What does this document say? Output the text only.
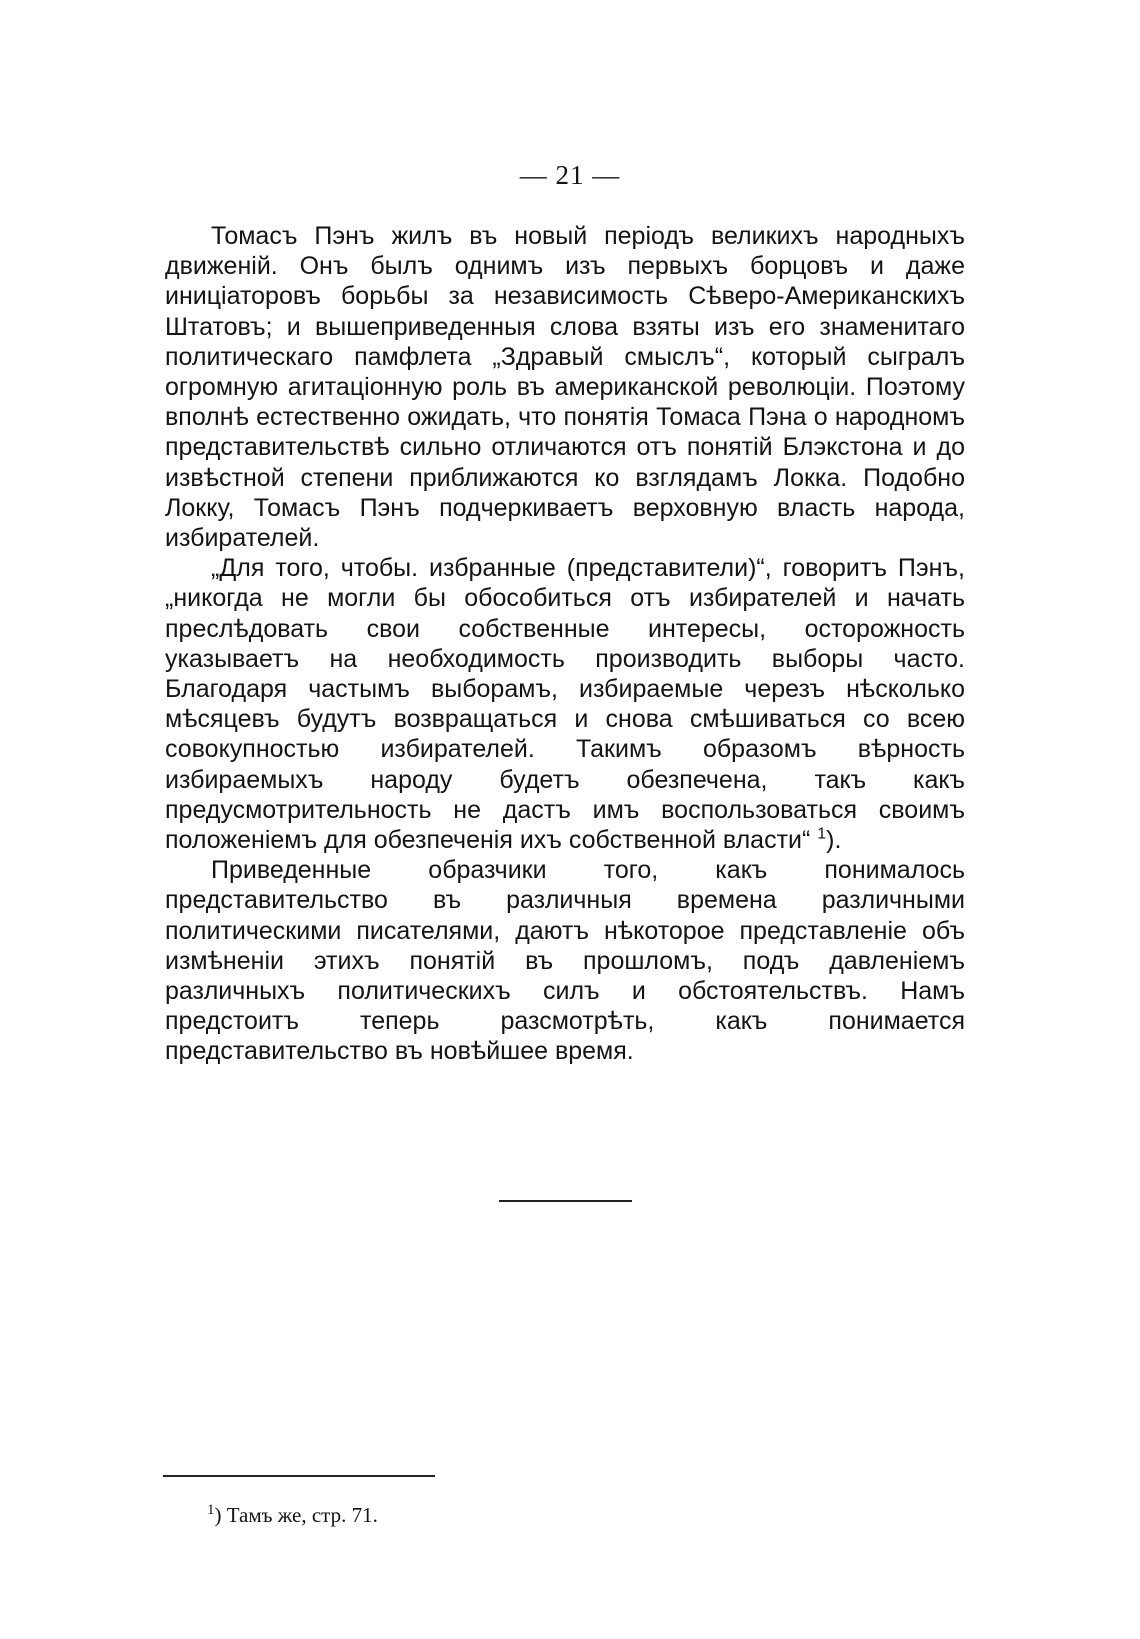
— 21 —

Томасъ Пэнъ жилъ въ новый періодъ великихъ народныхъ движеній. Онъ былъ однимъ изъ первыхъ борцовъ и даже иниціаторовъ борьбы за независимость Сѣверо-Американскихъ Штатовъ; и вышеприведенныя слова взяты изъ его знаменитаго политическаго памфлета „Здравый смыслъ“, который сыгралъ огромную агитаціонную роль въ американской революціи. Поэтому вполнѣ естественно ожидать, что понятія Томаса Пэна о народномъ представительствѣ сильно отличаются отъ понятій Блэкстона и до извѣстной степени приближаются ко взглядамъ Локка. Подобно Локку, Томасъ Пэнъ подчеркиваетъ верховную власть народа, избирателей.

„Для того, чтобы. избранные (представители)“, говоритъ Пэнъ, „никогда не могли бы обособиться отъ избирателей и начать преслѣдовать свои собственные интересы, осторожность указываетъ на необходимость производить выборы часто. Благодаря частымъ выборамъ, избираемые черезъ нѣсколько мѣсяцевъ будутъ возвращаться и снова смѣшиваться со всею совокупностью избирателей. Такимъ образомъ вѣрность избираемыхъ народу будетъ обезпечена, такъ какъ предусмотрительность не дастъ имъ воспользоваться своимъ положеніемъ для обезпеченія ихъ собственной власти“ $^1$).

Приведенные образчики того, какъ понималось представительство въ различныя времена различными политическими писателями, даютъ нѣкоторое представленіе объ измѣненіи этихъ понятій въ прошломъ, подъ давленіемъ различныхъ политическихъ силъ и обстоятельствъ. Намъ предстоитъ теперь разсмотрѣть, какъ понимается представительство въ новѣйшее время.

$^1$) Тамъ же, стр. 71.
